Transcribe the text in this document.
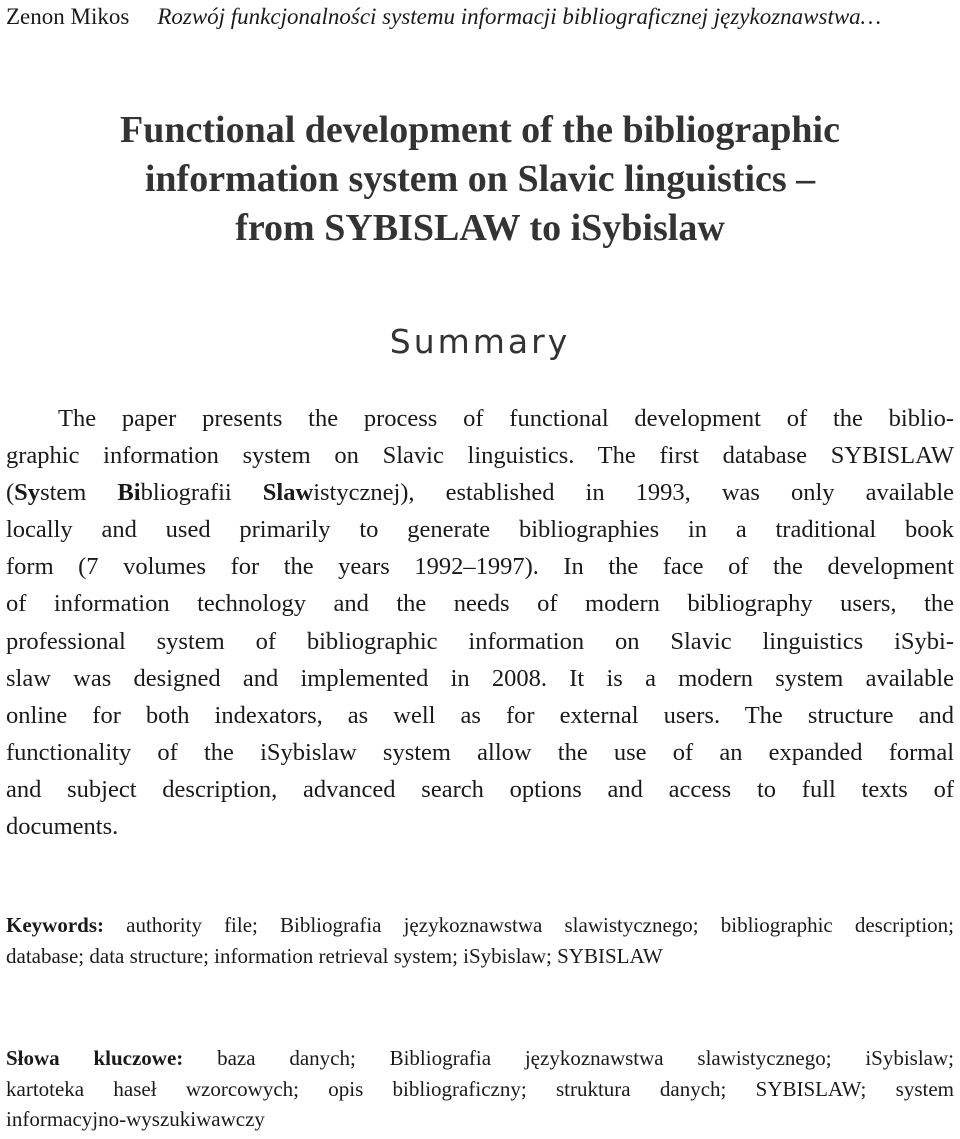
Zenon Mikos Rozwój funkcjonalności systemu informacji bibliograficznej językoznawstwa…
Functional development of the bibliographic
information system on Slavic linguistics –
from SYBISLAW to iSybislaw
Summary
The paper presents the process of functional development of the biblio-
graphic information system on Slavic linguistics. The first database SYBISLAW
(System Bibliografii Slawistycznej), established in 1993, was only available
locally and used primarily to generate bibliographies in a traditional book
form (7 volumes for the years 1992–1997). In the face of the development
of information technology and the needs of modern bibliography users, the
professional system of bibliographic information on Slavic linguistics iSybi-
slaw was designed and implemented in 2008. It is a modern system available
online for both indexators, as well as for external users. The structure and
functionality of the iSybislaw system allow the use of an expanded formal
and subject description, advanced search options and access to full texts of
documents.
Keywords: authority file; Bibliografia językoznawstwa slawistycznego; bibliographic description;
database; data structure; information retrieval system; iSybislaw; SYBISLAW
Słowa kluczowe: baza danych; Bibliografia językoznawstwa slawistycznego; iSybislaw;
kartoteka haseł wzorcowych; opis bibliograficzny; struktura danych; SYBISLAW; system
informacyjno-wyszukiwawczy
